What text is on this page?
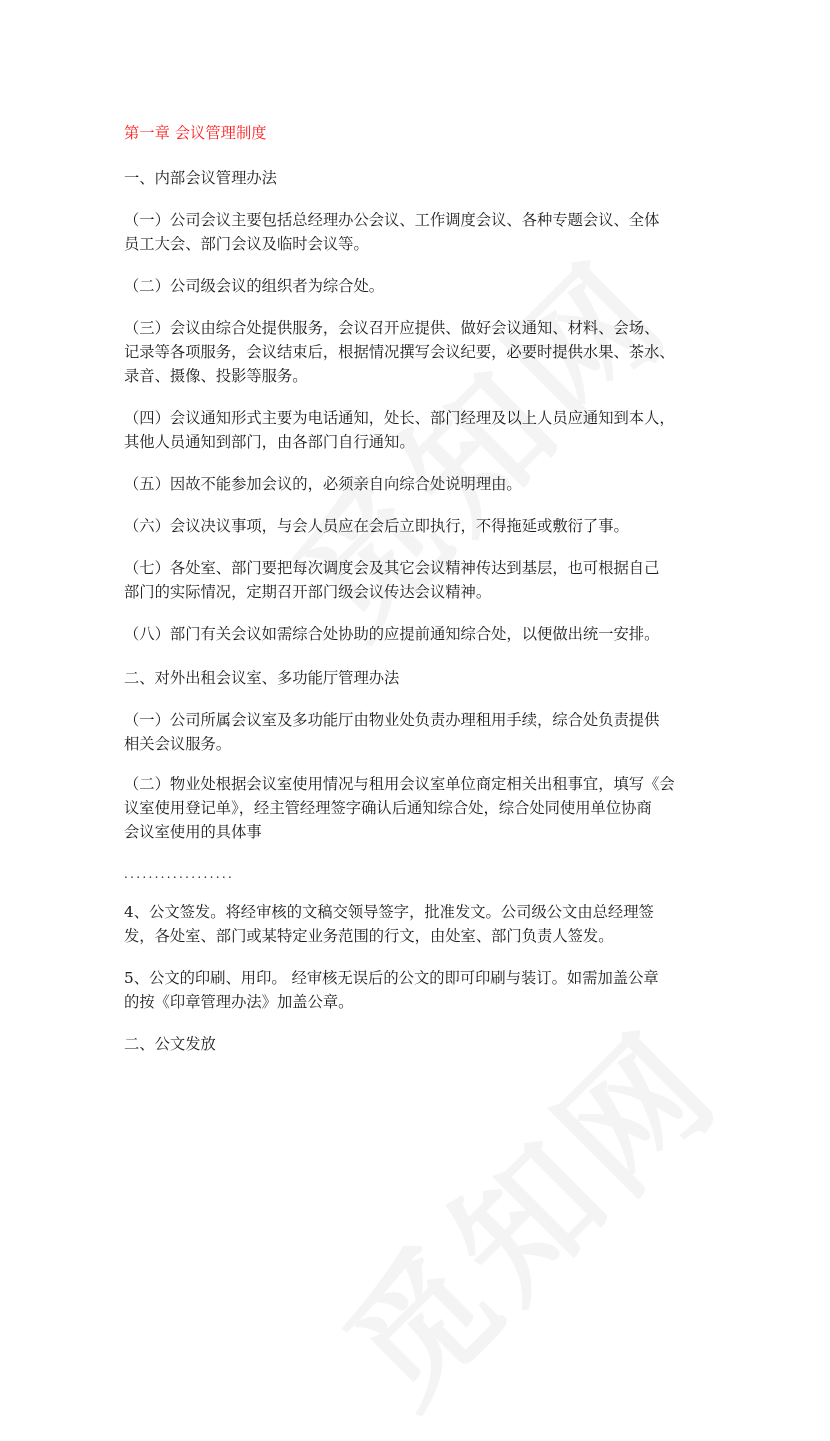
第一章 会议管理制度
一、内部会议管理办法
（一）公司会议主要包括总经理办公会议、工作调度会议、各种专题会议、全体
员工大会、部门会议及临时会议等。
（二）公司级会议的组织者为综合处。
（三）会议由综合处提供服务，会议召开应提供、做好会议通知、材料、会场、
记录等各项服务，会议结束后，根据情况撰写会议纪要，必要时提供水果、茶水、
录音、摄像、投影等服务。
（四）会议通知形式主要为电话通知，处长、部门经理及以上人员应通知到本人，
其他人员通知到部门，由各部门自行通知。
（五）因故不能参加会议的，必须亲自向综合处说明理由。
（六）会议决议事项，与会人员应在会后立即执行，不得拖延或敷衍了事。
（七）各处室、部门要把每次调度会及其它会议精神传达到基层，也可根据自己
部门的实际情况，定期召开部门级会议传达会议精神。
（八）部门有关会议如需综合处协助的应提前通知综合处，以便做出统一安排。
二、对外出租会议室、多功能厅管理办法
（一）公司所属会议室及多功能厅由物业处负责办理租用手续，综合处负责提供
相关会议服务。
（二）物业处根据会议室使用情况与租用会议室单位商定相关出租事宜，填写《会
议室使用登记单》，经主管经理签字确认后通知综合处，综合处同使用单位协商
会议室使用的具体事
..................
4、公文签发。将经审核的文稿交领导签字，批准发文。公司级公文由总经理签
发，各处室、部门或某特定业务范围的行文，由处室、部门负责人签发。
5、公文的印刷、用印。 经审核无误后的公文的即可印刷与装订。如需加盖公章
的按《印章管理办法》加盖公章。
二、公文发放
